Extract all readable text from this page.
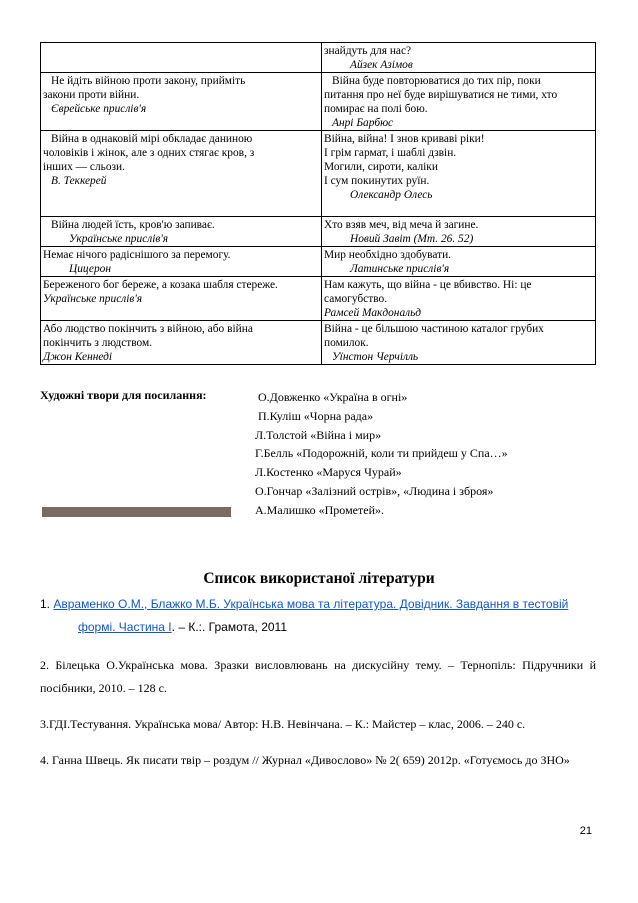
	знайдуть для нас?
Айзек Азімов

Не йдіть війною проти закону, прийміть
закони проти війни.
Єврейське прислів'я	Війна буде повторюватися до тих пір, поки
питання про неї буде вирішуватися не тими, хто
помирає на полі бою.
Анрі Барбюс

Війна в однаковій мірі обкладає даниною
чоловіків і жінок, але з одних стягає кров, з
інших — сльози.
В. Теккерей	Війна, війна! І знов криваві ріки!
І грім гармат, і шаблі дзвін.
Могили, сироти, каліки
І сум покинутих руїн.
Олександр Олесь

Війна людей їсть, кров'ю запиває.
Українське прислів'я	Хто взяв меч, від меча й загине.
Новий Завіт (Мт. 26. 52)

Немає нічого радіснішого за перемогу.
Цицерон	Мир необхідно здобувати.
Латинське прислів'я

Бережeного бог береже, а козака шабля стереже.
Українське прислів'я	Нам кажуть, що війна - це вбивство. Ні: це
самогубство.
Рамсей Макдональд

Або людство покінчить з війною, або війна
покінчить з людством.
Джон Кеннеді	Війна - це більшою частиною каталог грубих
помилок.
Уїнстон Черчілль
Художні твори для посилання:	О.Довженко «Україна в огні»
П.Куліш «Чорна рада»
Л.Толстой «Війна і мир»
Г.Белль «Подорожній, коли ти прийдеш у Спа…»
Л.Костенко «Маруся Чурай»
О.Гончар «Залізний острів», «Людина і зброя»
А.Малишко «Прометей».
Список використаної літератури
1. Авраменко О.М., Блажко М.Б. Українська мова та література. Довідник. Завдання в тестовій
формі. Частина I. – К.:. Грамота, 2011
2. Білецька О.Українська мова. Зразки висловлювань на дискусійну тему. – Тернопіль: Підручники й посібники, 2010. – 128 с.
3.ГДІ.Тестування. Українська мова/ Автор: Н.В. Невінчана. – К.: Майстер – клас, 2006. – 240 с.
4. Ганна Швець. Як писати твір – роздум // Журнал «Дивослово» № 2( 659) 2012р. «Готуємось до ЗНО»
21
